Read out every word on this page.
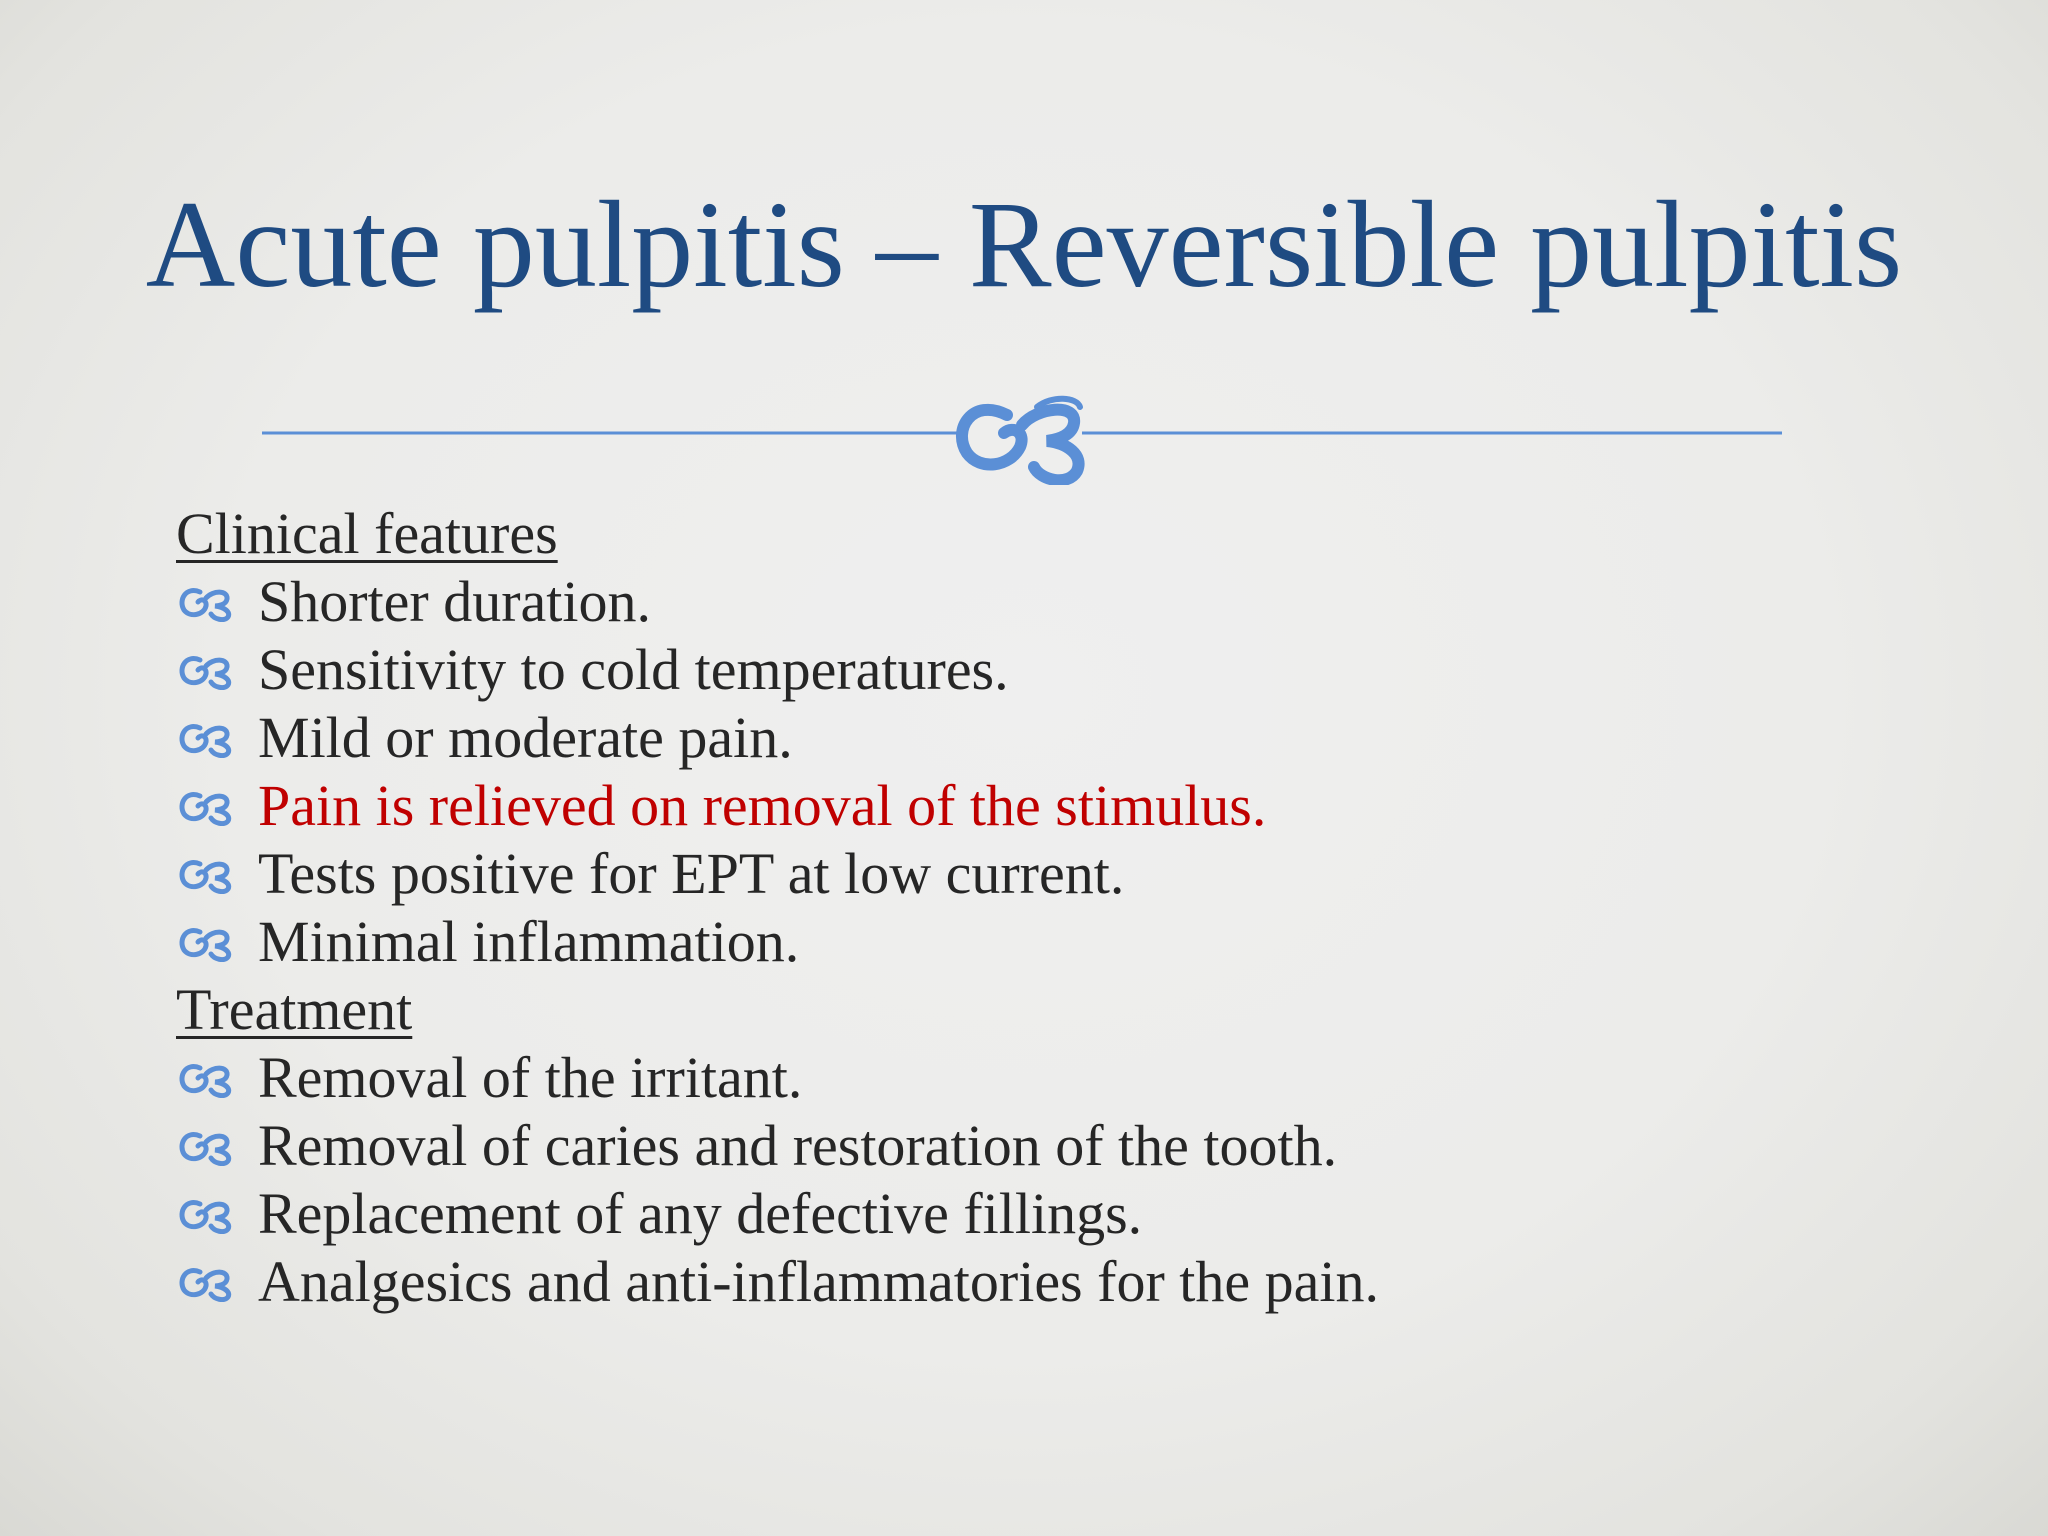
Acute pulpitis – Reversible pulpitis
Clinical features
Shorter duration.
Sensitivity to cold temperatures.
Mild or moderate pain.
Pain is relieved on removal of the stimulus.
Tests positive for EPT at low current.
Minimal inflammation.
Treatment
Removal of the irritant.
Removal of caries and restoration of the tooth.
Replacement of any defective fillings.
Analgesics and anti-inflammatories for the pain.
